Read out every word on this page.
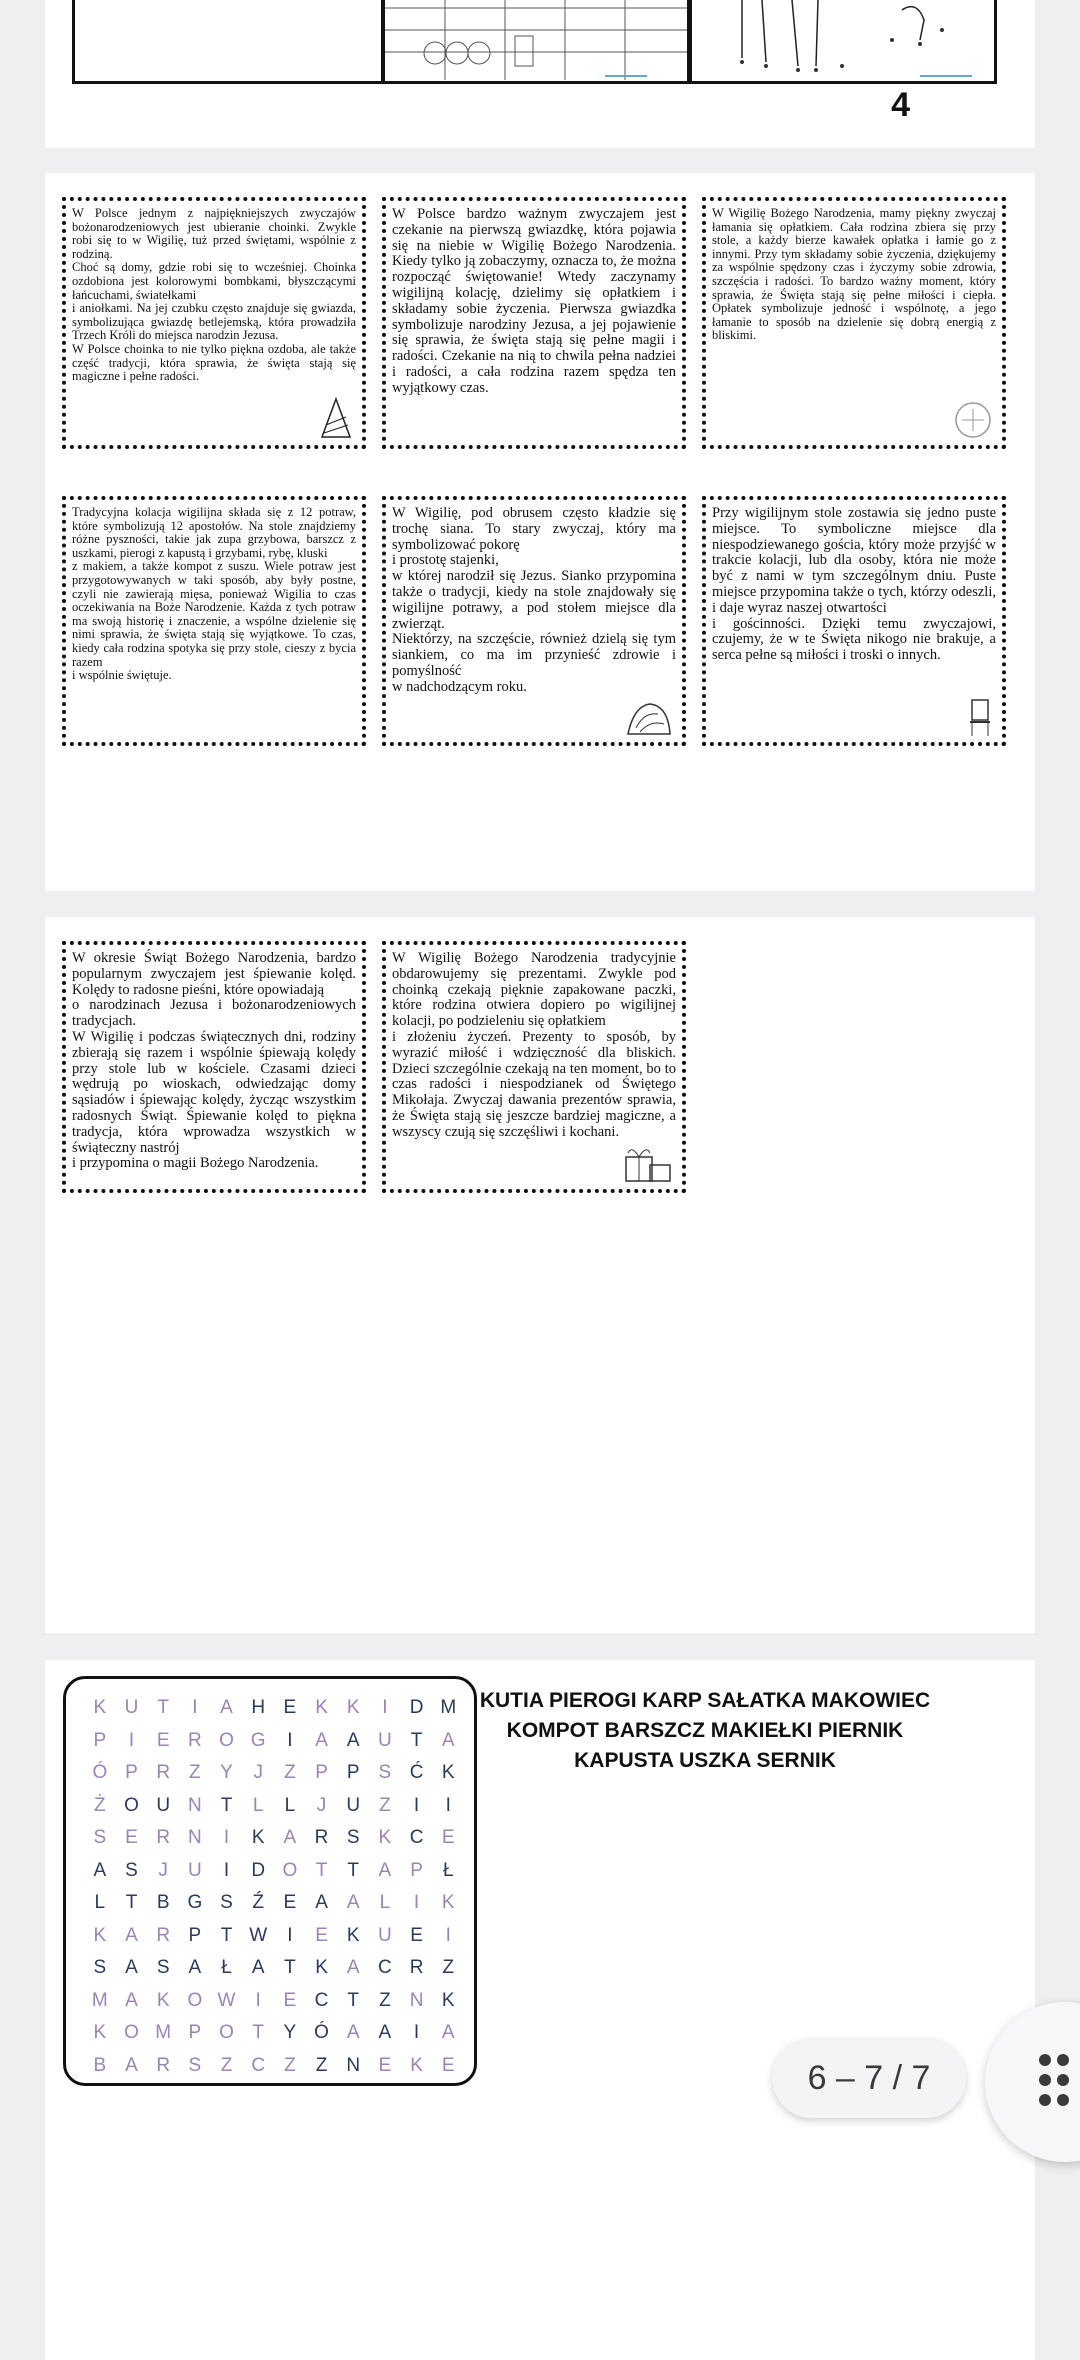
4

W Polsce jednym z najpiękniejszych zwyczajów bożonarodzeniowych jest ubieranie choinki. Zwykle robi się to w Wigilię, tuż przed świętami, wspólnie z rodziną.
Choć są domy, gdzie robi się to wcześniej. Choinka ozdobiona jest kolorowymi bombkami, błyszczącymi łańcuchami, światełkami
i aniołkami. Na jej czubku często znajduje się gwiazda, symbolizująca gwiazdę betlejemską, która prowadziła Trzech Króli do miejsca narodzin Jezusa.
W Polsce choinka to nie tylko piękna ozdoba, ale także część tradycji, która sprawia, że święta stają się magiczne i pełne radości.

W Polsce bardzo ważnym zwyczajem jest czekanie na pierwszą gwiazdkę, która pojawia się na niebie w Wigilię Bożego Narodzenia. Kiedy tylko ją zobaczymy, oznacza to, że można rozpocząć świętowanie! Wtedy zaczynamy wigilijną kolację, dzielimy się opłatkiem i składamy sobie życzenia. Pierwsza gwiazdka symbolizuje narodziny Jezusa, a jej pojawienie się sprawia, że święta stają się pełne magii i radości. Czekanie na nią to chwila pełna nadziei i radości, a cała rodzina razem spędza ten wyjątkowy czas.

W Wigilię Bożego Narodzenia, mamy piękny zwyczaj łamania się opłatkiem. Cała rodzina zbiera się przy stole, a każdy bierze kawałek opłatka i łamie go z innymi. Przy tym składamy sobie życzenia, dziękujemy za wspólnie spędzony czas i życzymy sobie zdrowia, szczęścia i radości. To bardzo ważny moment, który sprawia, że Święta stają się pełne miłości i ciepła. Opłatek symbolizuje jedność i wspólnotę, a jego łamanie to sposób na dzielenie się dobrą energią z bliskimi.

Tradycyjna kolacja wigilijna składa się z 12 potraw, które symbolizują 12 apostołów. Na stole znajdziemy różne pyszności, takie jak zupa grzybowa, barszcz z uszkami, pierogi z kapustą i grzybami, rybę, kluski
z makiem, a także kompot z suszu. Wiele potraw jest przygotowywanych w taki sposób, aby były postne, czyli nie zawierają mięsa, ponieważ Wigilia to czas oczekiwania na Boże Narodzenie. Każda z tych potraw ma swoją historię i znaczenie, a wspólne dzielenie się nimi sprawia, że święta stają się wyjątkowe. To czas, kiedy cała rodzina spotyka się przy stole, cieszy z bycia razem
i wspólnie świętuje.

W Wigilię, pod obrusem często kładzie się trochę siana. To stary zwyczaj, który ma symbolizować pokorę
i prostotę stajenki,
w której narodził się Jezus. Sianko przypomina także o tradycji, kiedy na stole znajdowały się wigilijne potrawy, a pod stołem miejsce dla zwierząt.
Niektórzy, na szczęście, również dzielą się tym siankiem, co ma im przynieść zdrowie i pomyślność
w nadchodzącym roku.

Przy wigilijnym stole zostawia się jedno puste miejsce. To symboliczne miejsce dla niespodziewanego gościa, który może przyjść w trakcie kolacji, lub dla osoby, która nie może być z nami w tym szczególnym dniu. Puste miejsce przypomina także o tych, którzy odeszli, i daje wyraz naszej otwartości
i gościnności. Dzięki temu zwyczajowi, czujemy, że w te Święta nikogo nie brakuje, a serca pełne są miłości i troski o innych.

W okresie Świąt Bożego Narodzenia, bardzo popularnym zwyczajem jest śpiewanie kolęd. Kolędy to radosne pieśni, które opowiadają
o narodzinach Jezusa i bożonarodzeniowych tradycjach.
W Wigilię i podczas świątecznych dni, rodziny zbierają się razem i wspólnie śpiewają kolędy przy stole lub w kościele. Czasami dzieci wędrują po wioskach, odwiedzając domy sąsiadów i śpiewając kolędy, życząc wszystkim radosnych Świąt. Śpiewanie kolęd to piękna tradycja, która wprowadza wszystkich w świąteczny nastrój
i przypomina o magii Bożego Narodzenia.

W Wigilię Bożego Narodzenia tradycyjnie obdarowujemy się prezentami. Zwykle pod choinką czekają pięknie zapakowane paczki, które rodzina otwiera dopiero po wigilijnej kolacji, po podzieleniu się opłatkiem
i złożeniu życzeń. Prezenty to sposób, by wyrazić miłość i wdzięczność dla bliskich. Dzieci szczególnie czekają na ten moment, bo to czas radości i niespodzianek od Świętego Mikołaja. Zwyczaj dawania prezentów sprawia, że Święta stają się jeszcze bardziej magiczne, a wszyscy czują się szczęśliwi i kochani.

K U	T	I	A H E K K	I	D M
P	I	E R O G	I	A A U	T	A
Ó P R	Z	Y	J	Z	P P S Ć K
Ż O U N	T	L	L	J	U	Z	I	I
S E R N	I	K A R S K C E
A S	J	U	I	D O T	T	A P	Ł
L	T	B G S	Ź	E A A	L	I	K
K A R P	T W	I	E K U E	I
S A S A	Ł	A	T	K A C R	Z
M A K O W	I	E C	T	Z	N K
K O M P O T	Y Ó A A	I	A
B A R S	Z	C	Z	Z	N E K E
KUTIA PIEROGI KARP SAŁATKA MAKOWIEC
KOMPOT BARSZCZ MAKIEŁKI PIERNIK
KAPUSTA USZKA SERNIK
6 – 7 / 7
